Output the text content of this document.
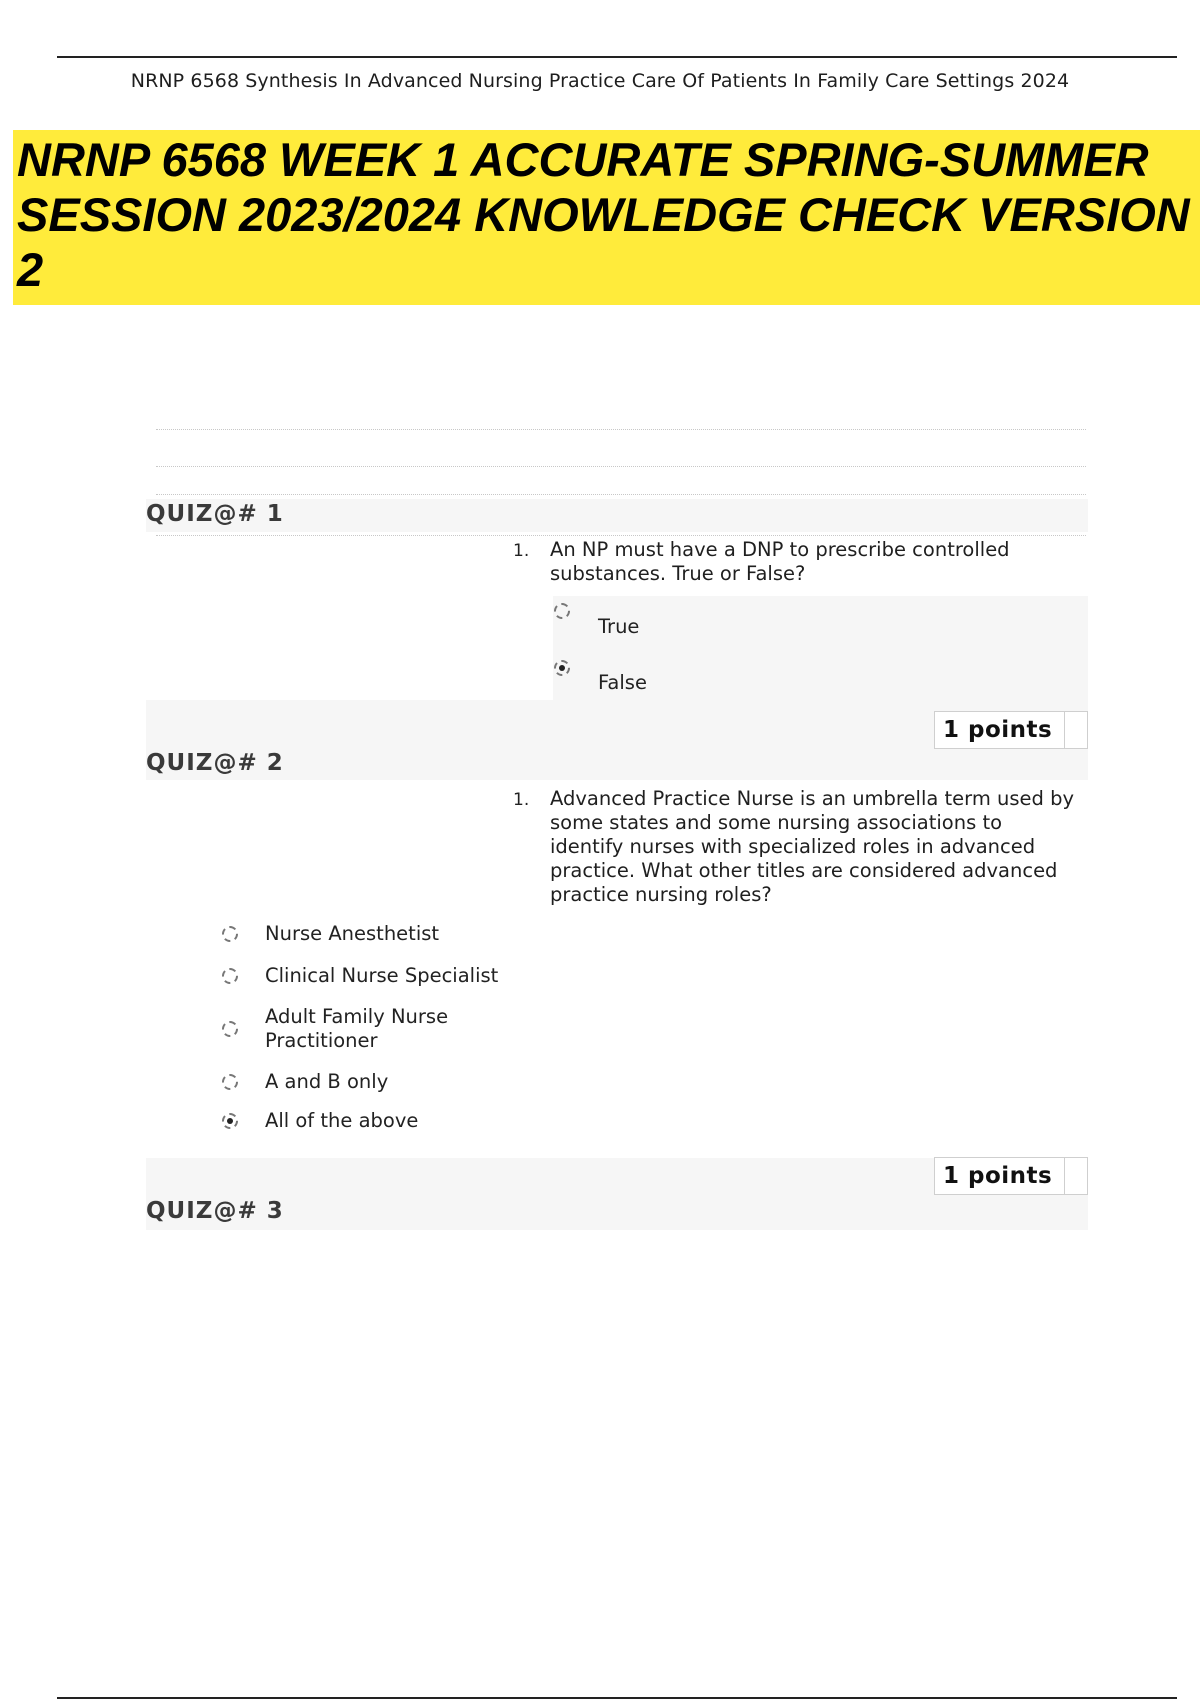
NRNP 6568 Synthesis In Advanced Nursing Practice Care Of Patients In Family Care Settings 2024
NRNP 6568 WEEK 1 ACCURATE SPRING-SUMMER
SESSION 2023/2024 KNOWLEDGE CHECK VERSION
2
QUIZ@# 1
1. An NP must have a DNP to prescribe controlled substances. True or False?

True
False
1 points
QUIZ@# 2
1. Advanced Practice Nurse is an umbrella term used by some states and some nursing associations to identify nurses with specialized roles in advanced practice. What other titles are considered advanced practice nursing roles?

Nurse Anesthetist
Clinical Nurse Specialist
Adult Family Nurse Practitioner
A and B only
All of the above
1 points
QUIZ@# 3
